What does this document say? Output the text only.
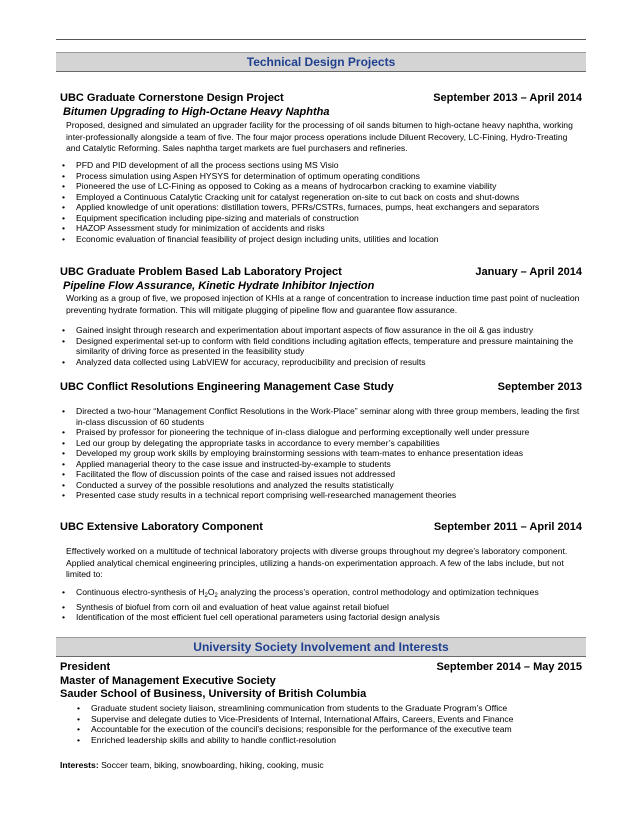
Technical Design Projects
UBC Graduate Cornerstone Design Project	September 2013 – April 2014
Bitumen Upgrading to High-Octane Heavy Naphtha
Proposed, designed and simulated an upgrader facility for the processing of oil sands bitumen to high-octane heavy naphtha, working inter-professionally alongside a team of five. The four major process operations include Diluent Recovery, LC-Fining, Hydro-Treating and Catalytic Reforming. Sales naphtha target markets are fuel purchasers and refineries.
• PFD and PID development of all the process sections using MS Visio
• Process simulation using Aspen HYSYS for determination of optimum operating conditions
• Pioneered the use of LC-Fining as opposed to Coking as a means of hydrocarbon cracking to examine viability
• Employed a Continuous Catalytic Cracking unit for catalyst regeneration on-site to cut back on costs and shut-downs
• Applied knowledge of unit operations: distillation towers, PFRs/CSTRs, furnaces, pumps, heat exchangers and separators
• Equipment specification including pipe-sizing and materials of construction
• HAZOP Assessment study for minimization of accidents and risks
• Economic evaluation of financial feasibility of project design including units, utilities and location
UBC Graduate Problem Based Lab Laboratory Project	January – April 2014
Pipeline Flow Assurance, Kinetic Hydrate Inhibitor Injection
Working as a group of five, we proposed injection of KHIs at a range of concentration to increase induction time past point of nucleation preventing hydrate formation. This will mitigate plugging of pipeline flow and guarantee flow assurance.
• Gained insight through research and experimentation about important aspects of flow assurance in the oil & gas industry
• Designed experimental set-up to conform with field conditions including agitation effects, temperature and pressure maintaining the similarity of driving force as presented in the feasibility study
• Analyzed data collected using LabVIEW for accuracy, reproducibility and precision of results
UBC Conflict Resolutions Engineering Management Case Study	September 2013
• Directed a two-hour “Management Conflict Resolutions in the Work-Place” seminar along with three group members, leading the first in-class discussion of 60 students
• Praised by professor for pioneering the technique of in-class dialogue and performing exceptionally well under pressure
• Led our group by delegating the appropriate tasks in accordance to every member’s capabilities
• Developed my group work skills by employing brainstorming sessions with team-mates to enhance presentation ideas
• Applied managerial theory to the case issue and instructed-by-example to students
• Facilitated the flow of discussion points of the case and raised issues not addressed
• Conducted a survey of the possible resolutions and analyzed the results statistically
• Presented case study results in a technical report comprising well-researched management theories
UBC Extensive Laboratory Component	September 2011 – April 2014
Effectively worked on a multitude of technical laboratory projects with diverse groups throughout my degree’s laboratory component. Applied analytical chemical engineering principles, utilizing a hands-on experimentation approach. A few of the labs include, but not limited to:
• Continuous electro-synthesis of $H_2O_2$ analyzing the process’s operation, control methodology and optimization techniques
• Synthesis of biofuel from corn oil and evaluation of heat value against retail biofuel
• Identification of the most efficient fuel cell operational parameters using factorial design analysis
University Society Involvement and Interests
President	September 2014 – May 2015
Master of Management Executive Society
Sauder School of Business, University of British Columbia
• Graduate student society liaison, streamlining communication from students to the Graduate Program’s Office
• Supervise and delegate duties to Vice-Presidents of Internal, International Affairs, Careers, Events and Finance
• Accountable for the execution of the council’s decisions; responsible for the performance of the executive team
• Enriched leadership skills and ability to handle conflict-resolution
Interests: Soccer team, biking, snowboarding, hiking, cooking, music
